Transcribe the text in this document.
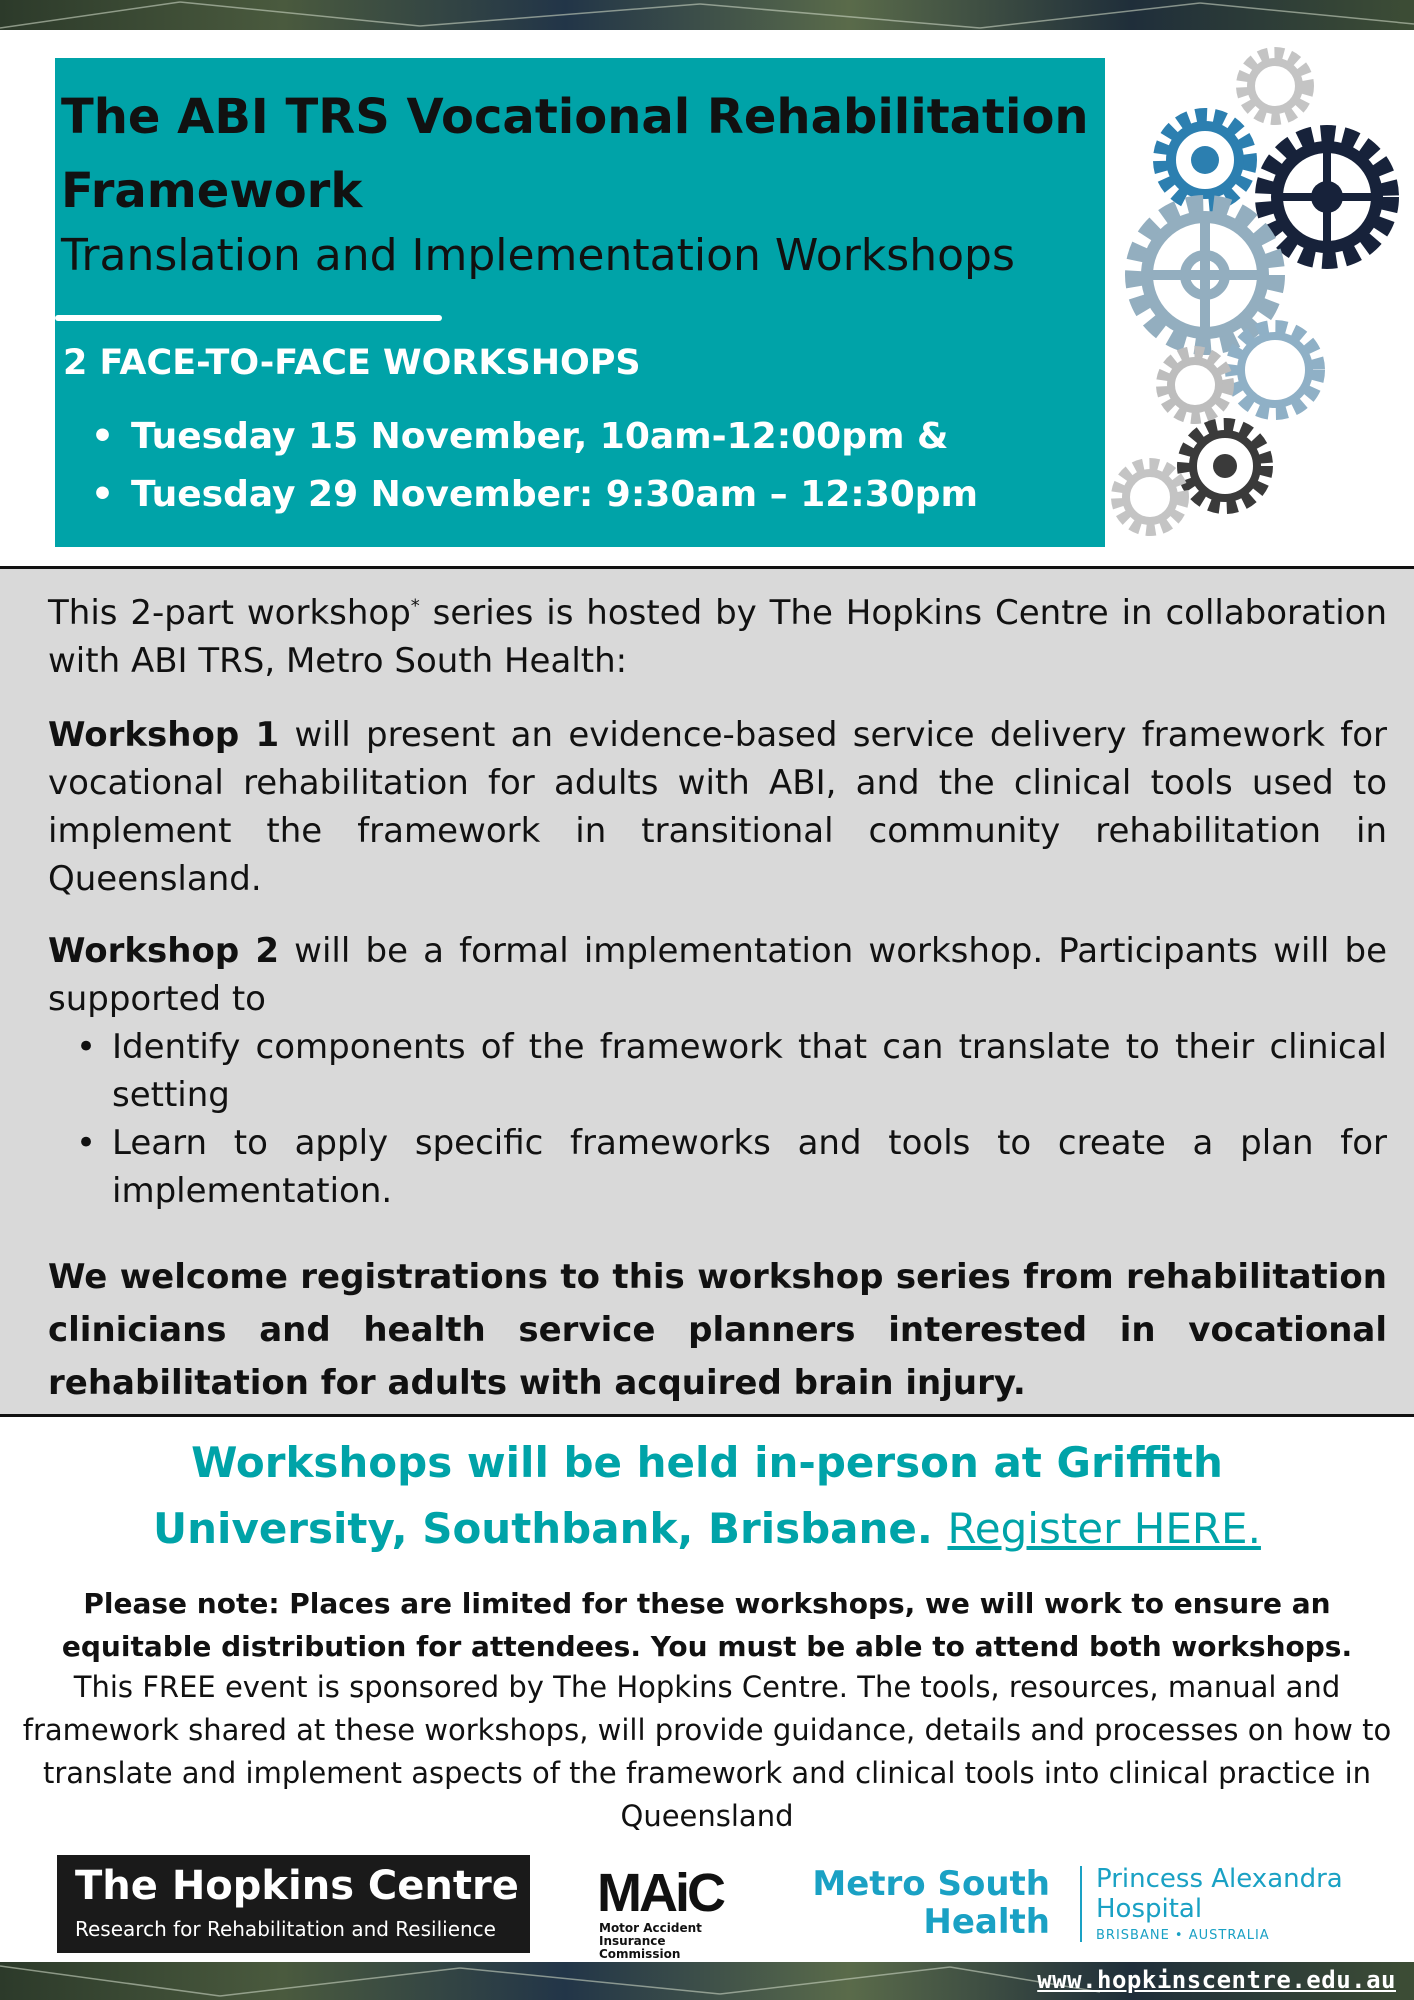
The ABI TRS Vocational Rehabilitation Framework

Translation and Implementation Workshops

2 FACE-TO-FACE WORKSHOPS

• Tuesday 15 November, 10am-12:00pm &
• Tuesday 29 November: 9:30am – 12:30pm

This 2-part workshop* series is hosted by The Hopkins Centre in collaboration with ABI TRS, Metro South Health:

Workshop 1 will present an evidence-based service delivery framework for vocational rehabilitation for adults with ABI, and the clinical tools used to implement the framework in transitional community rehabilitation in Queensland.

Workshop 2 will be a formal implementation workshop. Participants will be supported to

• Identify components of the framework that can translate to their clinical setting
• Learn to apply specific frameworks and tools to create a plan for implementation.

We welcome registrations to this workshop series from rehabilitation clinicians and health service planners interested in vocational rehabilitation for adults with acquired brain injury.

Workshops will be held in-person at Griffith University, Southbank, Brisbane. Register HERE.

Please note: Places are limited for these workshops, we will work to ensure an equitable distribution for attendees. You must be able to attend both workshops.

This FREE event is sponsored by The Hopkins Centre. The tools, resources, manual and framework shared at these workshops, will provide guidance, details and processes on how to translate and implement aspects of the framework and clinical tools into clinical practice in Queensland

The Hopkins Centre
Research for Rehabilitation and Resilience
MAiC
Motor Accident Insurance Commission
Metro South
Health
Princess Alexandra
Hospital
BRISBANE • AUSTRALIA
www.hopkinscentre.edu.au
